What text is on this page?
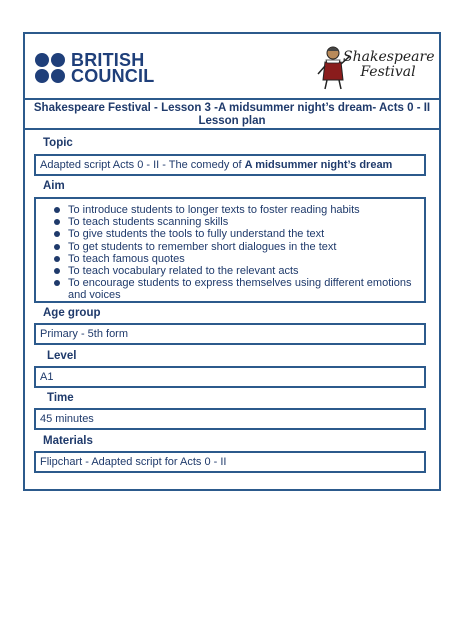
BRITISH
COUNCIL
Shakespeare
Festival
Shakespeare Festival - Lesson 3 -A midsummer night’s dream- Acts 0 - II
Lesson plan
Topic
Adapted script Acts 0 - II - The comedy of A midsummer night’s dream
Aim
To introduce students to longer texts to foster reading habits
To teach students scanning skills
To give students the tools to fully understand the text
To get students to remember short dialogues in the text
To teach famous quotes
To teach vocabulary related to the relevant acts
To encourage students to express themselves using different emotions and voices
Age group
Primary - 5th form
Level
A1
Time
45 minutes
Materials
Flipchart - Adapted script for Acts 0 - II
